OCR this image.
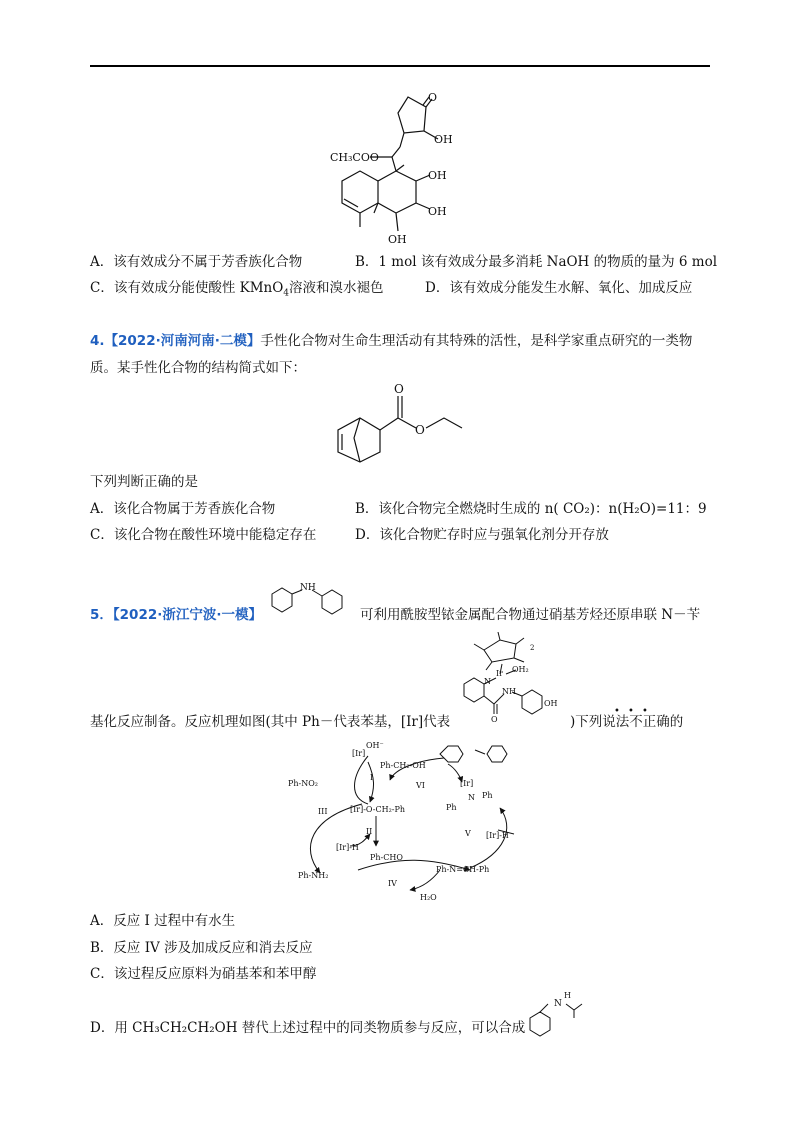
O
OH
CH₃COO
OH
OH
OH
A．该有效成分不属于芳香族化合物	B．1 mol 该有效成分最多消耗 NaOH 的物质的量为 6 mol
C．该有效成分能使酸性 KMnO$_4$溶液和溴水褪色	D．该有效成分能发生水解、氧化、加成反应
4.【2022·河南河南·二模】手性化合物对生命生理活动有其特殊的活性，是科学家重点研究的一类物
质。某手性化合物的结构简式如下：
O
O
下列判断正确的是
A．该化合物属于芳香族化合物	B．该化合物完全燃烧时生成的 n( CO₂)：n(H₂O)=11：9
C．该化合物在酸性环境中能稳定存在	D．该化合物贮存时应与强氧化剂分开存放
5．【2022·浙江宁波·一模】
NH
可利用酰胺型铱金属配合物通过硝基芳烃还原串联 N－苄
Ir OH₂
2
N
NH
O
OH
基化反应制备。反应机理如图(其中 Ph－代表苯基，[Ir]代表	)下列说法不正确的
• • •
[Ir]
OH⁻
Ph-CH₂-OH
I
Ph-NO₂
[Ir]-O-CH₂-Ph
III
II
[Ir]-H
Ph-CHO
Ph-NH₂
IV
H₂O
Ph-N=CH-Ph
V [Ir]-H
VI	[Ir]
N
Ph
Ph
A．反应 I 过程中有水生
B．反应 IV 涉及加成反应和消去反应
C．该过程反应原料为硝基苯和苯甲醇
D．用 CH₃CH₂CH₂OH 替代上述过程中的同类物质参与反应，可以合成
N
H
